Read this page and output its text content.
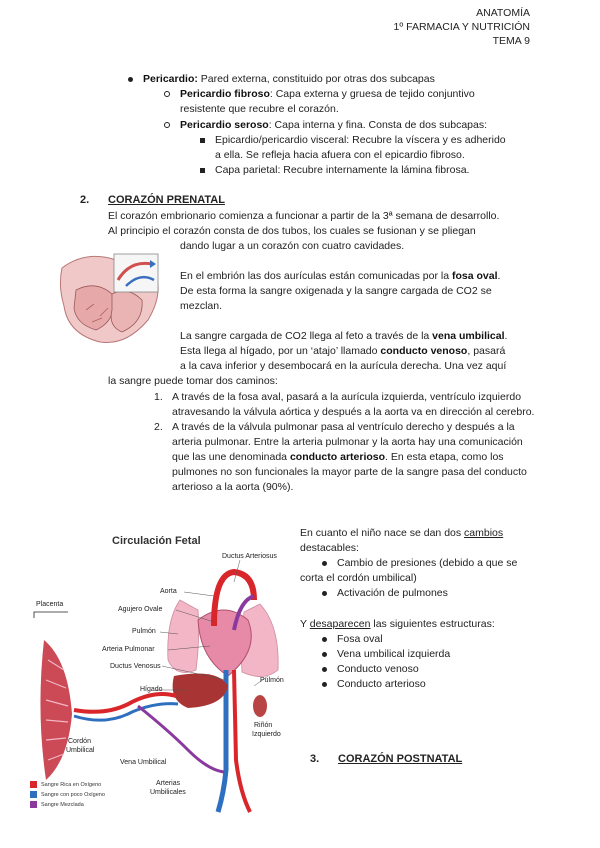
ANATOMÍA
1º FARMACIA Y NUTRICIÓN
TEMA 9
Pericardio: Pared externa, constituido por otras dos subcapas
Pericardio fibroso: Capa externa y gruesa de tejido conjuntivo
resistente que recubre el corazón.
Pericardio seroso: Capa interna y fina. Consta de dos subcapas:
Epicardio/pericardio visceral: Recubre la víscera y es adherido
a ella. Se refleja hacia afuera con el epicardio fibroso.
Capa parietal: Recubre internamente la lámina fibrosa.
2. CORAZÓN PRENATAL
El corazón embrionario comienza a funcionar a partir de la 3ª semana de desarrollo.
Al principio el corazón consta de dos tubos, los cuales se fusionan y se pliegan
dando lugar a un corazón con cuatro cavidades.
En el embrión las dos aurículas están comunicadas por la fosa oval.
De esta forma la sangre oxigenada y la sangre cargada de CO2 se
mezclan.
La sangre cargada de CO2 llega al feto a través de la vena umbilical.
Esta llega al hígado, por un ‘atajo’ llamado conducto venoso, pasará
a la cava inferior y desembocará en la aurícula derecha. Una vez aquí
la sangre puede tomar dos caminos:
1. A través de la fosa aval, pasará a la aurícula izquierda, ventrículo izquierdo
atravesando la válvula aórtica y después a la aorta va en dirección al cerebro.
2. A través de la válvula pulmonar pasa al ventrículo derecho y después a la
arteria pulmonar. Entre la arteria pulmonar y la aorta hay una comunicación
que las une denominada conducto arterioso. En esta etapa, como los
pulmones no son funcionales la mayor parte de la sangre pasa del conducto
arterioso a la aorta (90%).
Circulación Fetal
Ductus Arteriosus
Aorta
Agujero Ovale
Pulmón
Arteria Pulmonar
Ductus Venosus
Hígado
Pulmón
Riñón
Izquierdo
Placenta
Cordón
Umbilical
Vena Umbilical
Arterias
Umbilicales
Sangre Rica en Oxígeno
Sangre con poco Oxígeno
Sangre Mezclada
En cuanto el niño nace se dan dos cambios
destacables:
Cambio de presiones (debido a que se
corta el cordón umbilical)
Activación de pulmones
Y desaparecen las siguientes estructuras:
Fosa oval
Vena umbilical izquierda
Conducto venoso
Conducto arterioso
3. CORAZÓN POSTNATAL
